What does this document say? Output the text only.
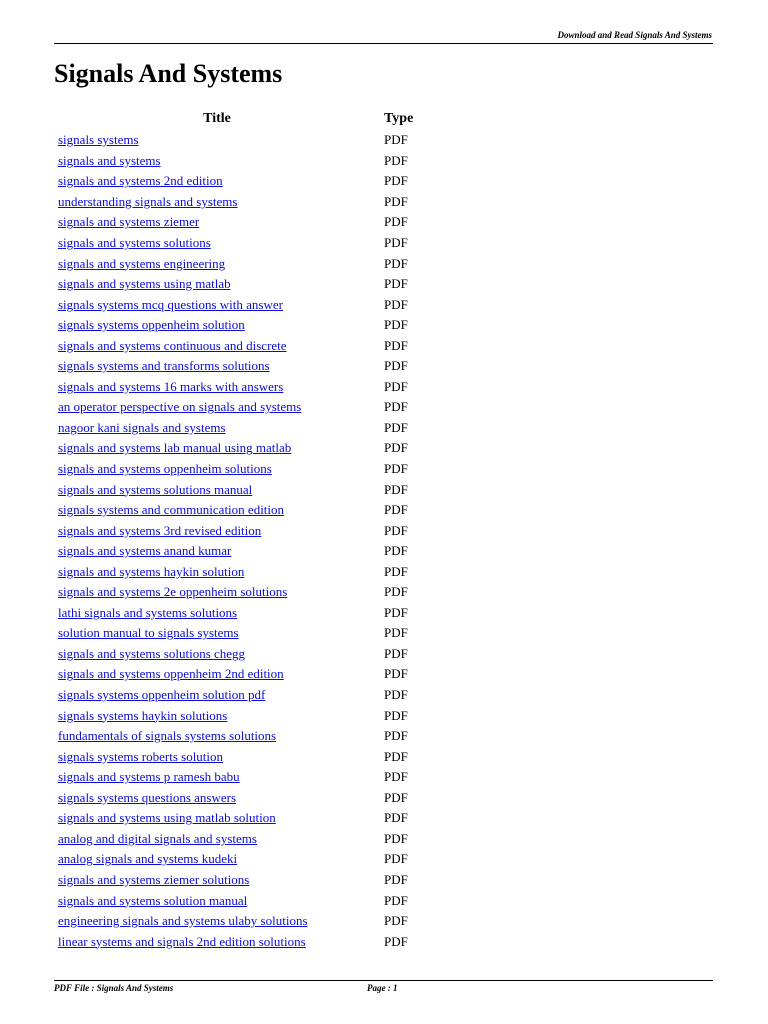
Download and Read Signals And Systems
Signals And Systems
Title	Type
signals systems	PDF
signals and systems	PDF
signals and systems 2nd edition	PDF
understanding signals and systems	PDF
signals and systems ziemer	PDF
signals and systems solutions	PDF
signals and systems engineering	PDF
signals and systems using matlab	PDF
signals systems mcq questions with answer	PDF
signals systems oppenheim solution	PDF
signals and systems continuous and discrete	PDF
signals systems and transforms solutions	PDF
signals and systems 16 marks with answers	PDF
an operator perspective on signals and systems	PDF
nagoor kani signals and systems	PDF
signals and systems lab manual using matlab	PDF
signals and systems oppenheim solutions	PDF
signals and systems solutions manual	PDF
signals systems and communication edition	PDF
signals and systems 3rd revised edition	PDF
signals and systems anand kumar	PDF
signals and systems haykin solution	PDF
signals and systems 2e oppenheim solutions	PDF
lathi signals and systems solutions	PDF
solution manual to signals systems	PDF
signals and systems solutions chegg	PDF
signals and systems oppenheim 2nd edition	PDF
signals systems oppenheim solution pdf	PDF
signals systems haykin solutions	PDF
fundamentals of signals systems solutions	PDF
signals systems roberts solution	PDF
signals and systems p ramesh babu	PDF
signals systems questions answers	PDF
signals and systems using matlab solution	PDF
analog and digital signals and systems	PDF
analog signals and systems kudeki	PDF
signals and systems ziemer solutions	PDF
signals and systems solution manual	PDF
engineering signals and systems ulaby solutions	PDF
linear systems and signals 2nd edition solutions	PDF
PDF File : Signals And Systems	Page : 1
